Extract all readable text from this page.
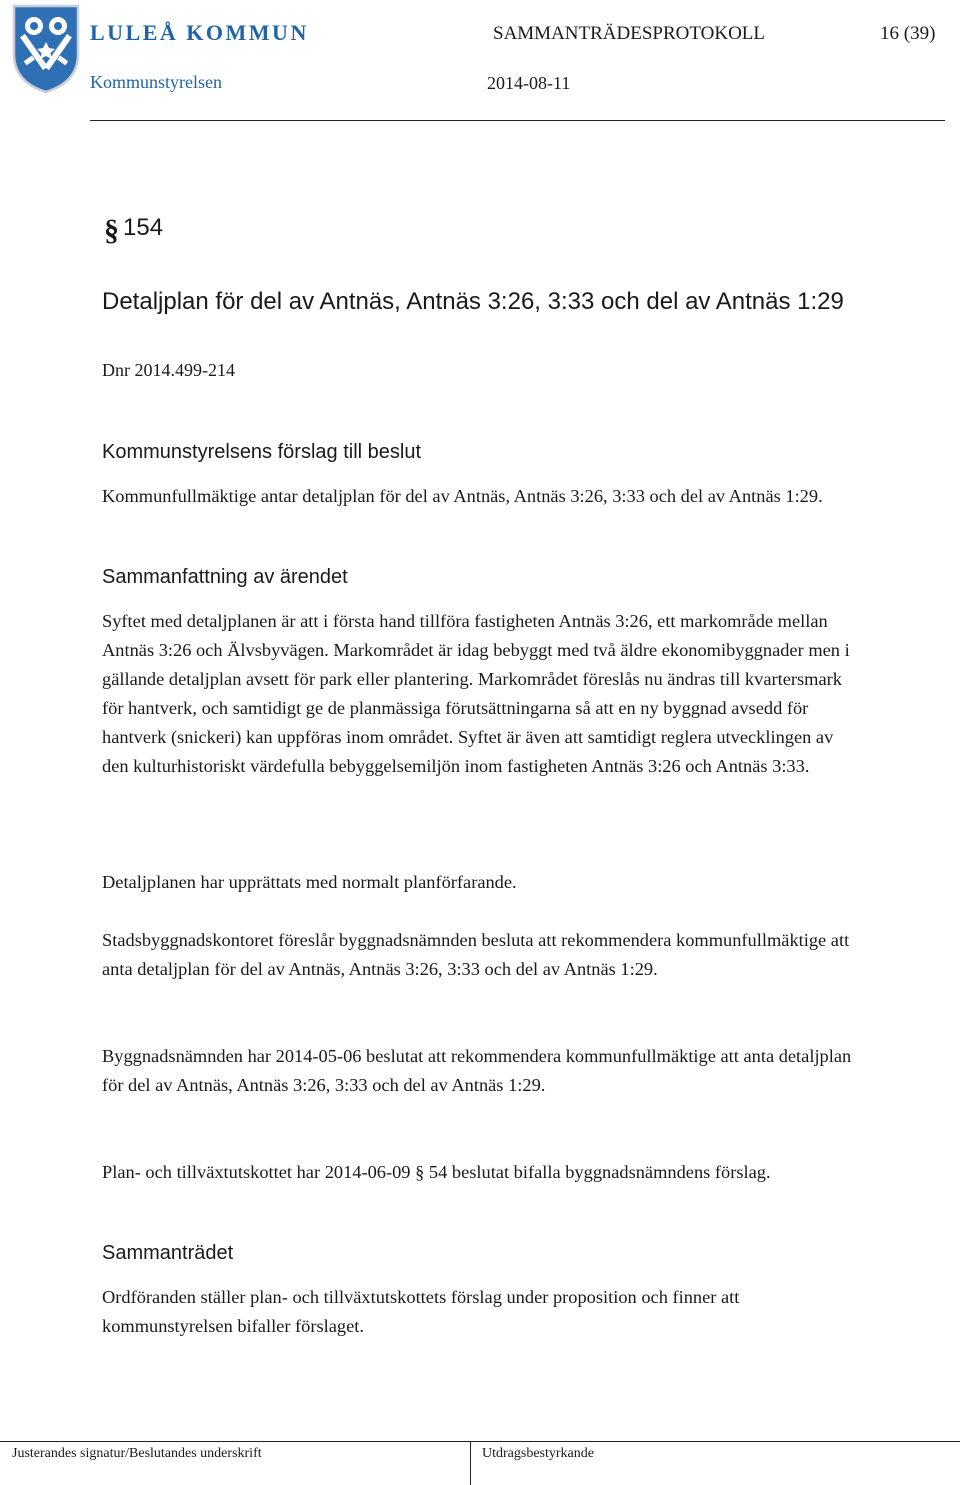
LULEÅ KOMMUN
Kommunstyrelsen
SAMMANTRÄDESPROTOKOLL	16 (39)
2014-08-11
§ 154
Detaljplan för del av Antnäs, Antnäs 3:26, 3:33 och del av Antnäs 1:29
Dnr 2014.499-214
Kommunstyrelsens förslag till beslut
Kommunfullmäktige antar detaljplan för del av Antnäs, Antnäs 3:26, 3:33 och del av Antnäs 1:29.
Sammanfattning av ärendet
Syftet med detaljplanen är att i första hand tillföra fastigheten Antnäs 3:26, ett markområde mellan Antnäs 3:26 och Älvsbyvägen. Markområdet är idag bebyggt med två äldre ekonomibyggnader men i gällande detaljplan avsett för park eller plantering. Markområdet föreslås nu ändras till kvartersmark för hantverk, och samtidigt ge de planmässiga förutsättningarna så att en ny byggnad avsedd för hantverk (snickeri) kan uppföras inom området. Syftet är även att samtidigt reglera utvecklingen av den kulturhistoriskt värdefulla bebyggelsemiljön inom fastigheten Antnäs 3:26 och Antnäs 3:33.
Detaljplanen har upprättats med normalt planförfarande.
Stadsbyggnadskontoret föreslår byggnadsnämnden besluta att rekommendera kommunfullmäktige att anta detaljplan för del av Antnäs, Antnäs 3:26, 3:33 och del av Antnäs 1:29.
Byggnadsnämnden har 2014-05-06 beslutat att rekommendera kommunfullmäktige att anta detaljplan för del av Antnäs, Antnäs 3:26, 3:33 och del av Antnäs 1:29.
Plan- och tillväxtutskottet har 2014-06-09 § 54 beslutat bifalla byggnadsnämndens förslag.
Sammanträdet
Ordföranden ställer plan- och tillväxtutskottets förslag under proposition och finner att kommunstyrelsen bifaller förslaget.
Justerandes signatur/Beslutandes underskrift	Utdragsbestyrkande
